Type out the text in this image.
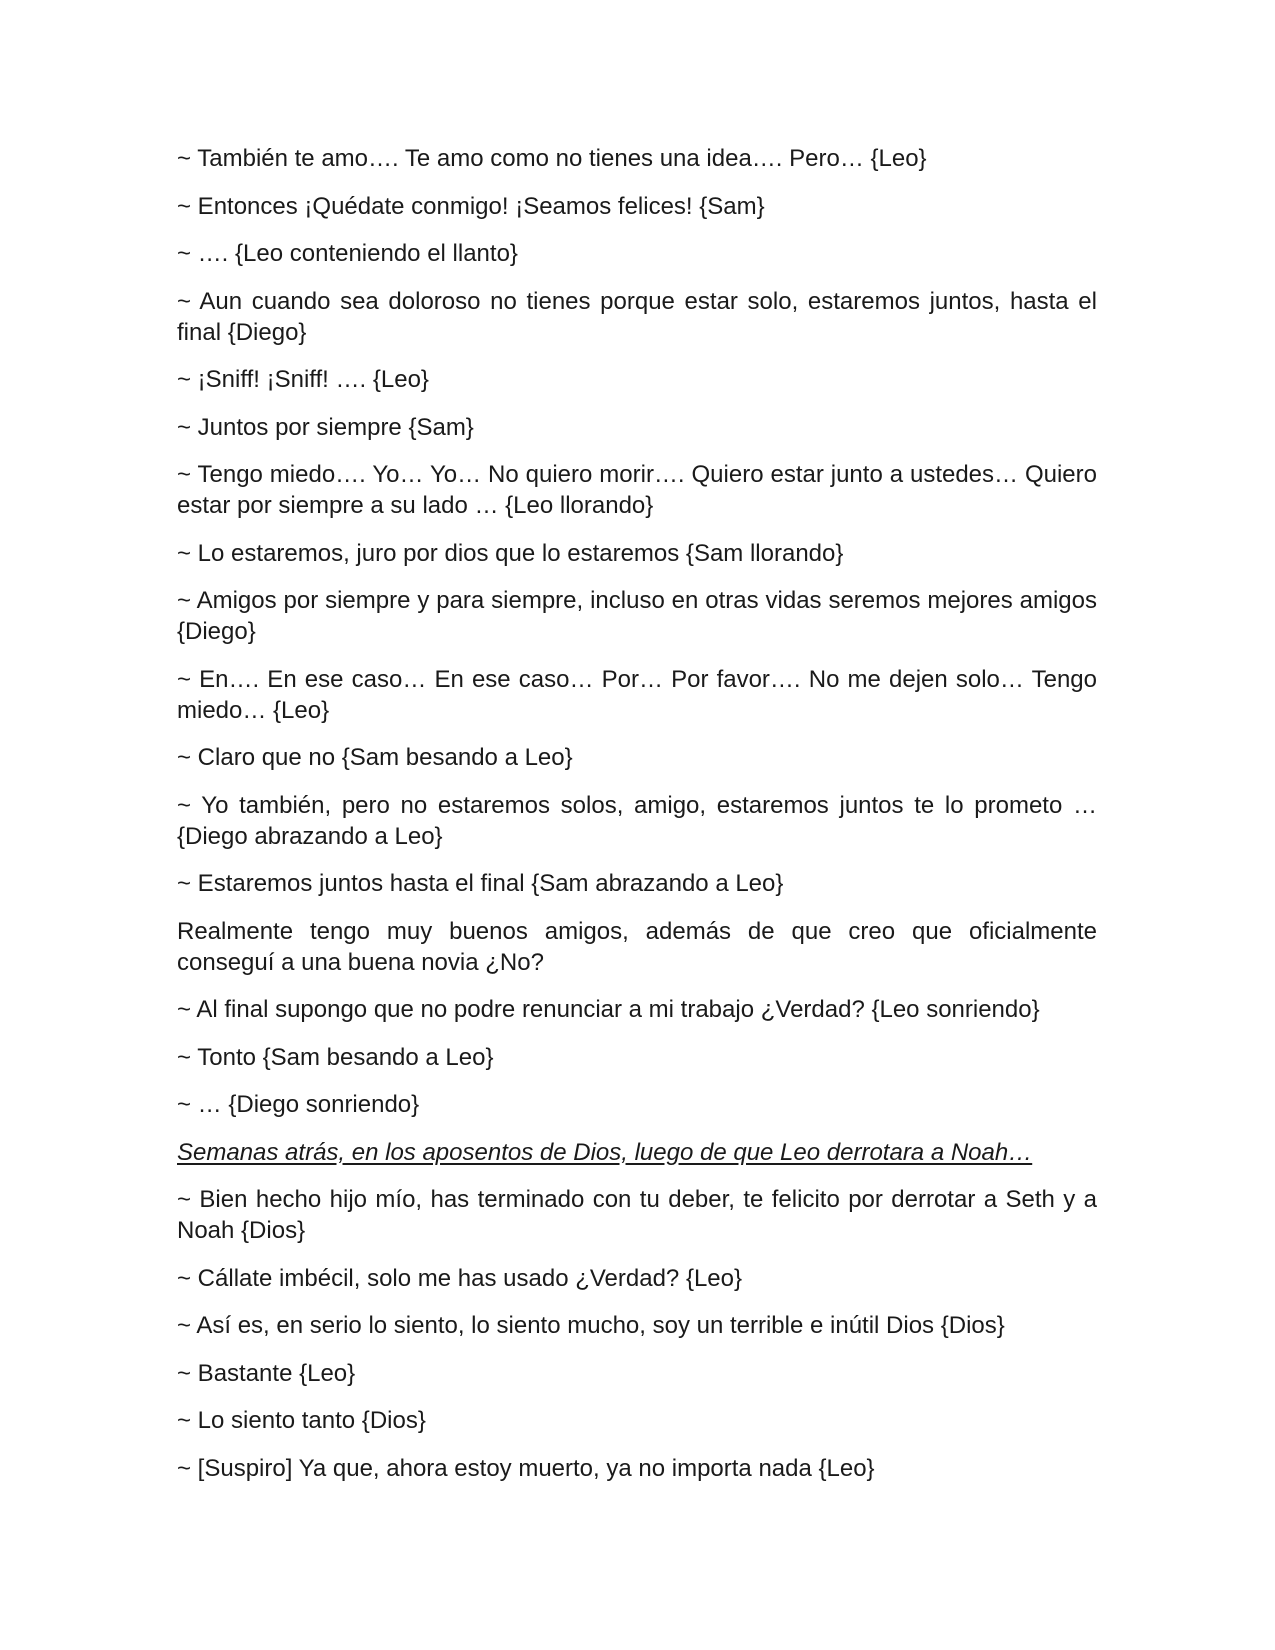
~ También te amo…. Te amo como no tienes una idea…. Pero… {Leo}

~ Entonces ¡Quédate conmigo! ¡Seamos felices! {Sam}

~ …. {Leo conteniendo el llanto}

~ Aun cuando sea doloroso no tienes porque estar solo, estaremos juntos, hasta el final {Diego}

~ ¡Sniff! ¡Sniff! …. {Leo}

~ Juntos por siempre {Sam}

~ Tengo miedo…. Yo… Yo… No quiero morir…. Quiero estar junto a ustedes… Quiero estar por siempre a su lado … {Leo llorando}

~ Lo estaremos, juro por dios que lo estaremos {Sam llorando}

~ Amigos por siempre y para siempre, incluso en otras vidas seremos mejores amigos {Diego}

~ En…. En ese caso… En ese caso… Por… Por favor…. No me dejen solo… Tengo miedo… {Leo}

~ Claro que no {Sam besando a Leo}

~ Yo también, pero no estaremos solos, amigo, estaremos juntos te lo prometo … {Diego abrazando a Leo}

~ Estaremos juntos hasta el final {Sam abrazando a Leo}

Realmente tengo muy buenos amigos, además de que creo que oficialmente conseguí a una buena novia ¿No?

~ Al final supongo que no podre renunciar a mi trabajo ¿Verdad? {Leo sonriendo}

~ Tonto {Sam besando a Leo}

~ … {Diego sonriendo}

Semanas atrás, en los aposentos de Dios, luego de que Leo derrotara a Noah…

~ Bien hecho hijo mío, has terminado con tu deber, te felicito por derrotar a Seth y a Noah {Dios}

~ Cállate imbécil, solo me has usado ¿Verdad? {Leo}

~ Así es, en serio lo siento, lo siento mucho, soy un terrible e inútil Dios {Dios}

~ Bastante {Leo}

~ Lo siento tanto {Dios}

~ [Suspiro] Ya que, ahora estoy muerto, ya no importa nada {Leo}
